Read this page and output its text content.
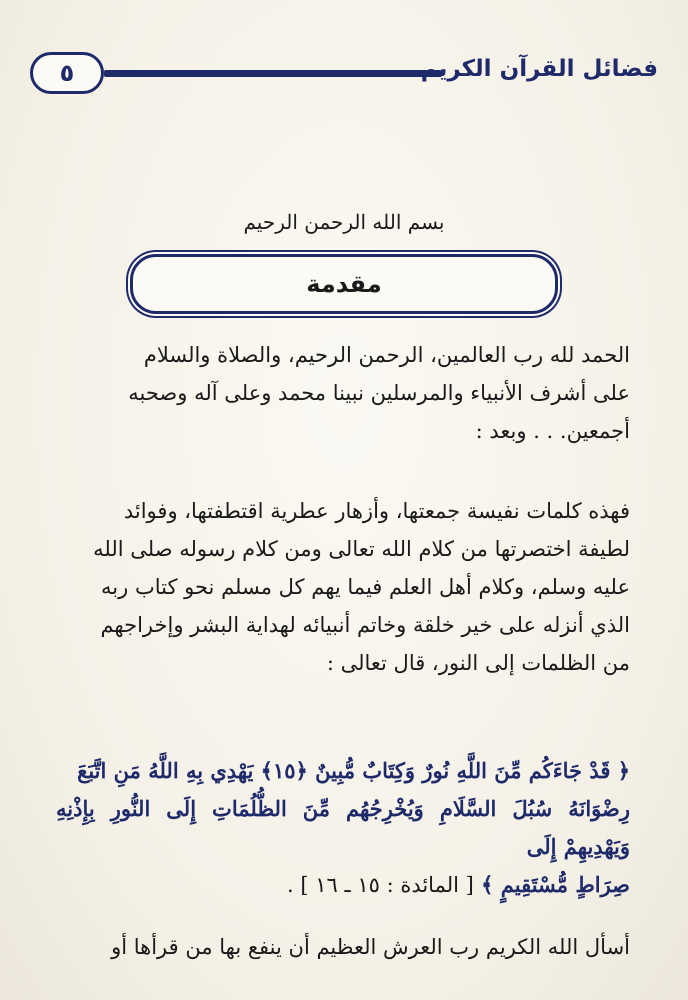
٥	فضائل القرآن الكريم
بسم الله الرحمن الرحيم
مقدمة
الحمد لله رب العالمين، الرحمن الرحيم، والصلاة والسلام
على أشرف الأنبياء والمرسلين نبينا محمد وعلى آله وصحبه
أجمعين. . . وبعد :
فهذه كلمات نفيسة جمعتها، وأزهار عطرية اقتطفتها، وفوائد
لطيفة اختصرتها من كلام الله تعالى ومن كلام رسوله صلى الله
عليه وسلم، وكلام أهل العلم فيما يهم كل مسلم نحو كتاب ربه
الذي أنزله على خير خلقة وخاتم أنبيائه لهداية البشر وإخراجهم
من الظلمات إلى النور، قال تعالى :
﴿ قَدْ جَاءَكُم مِّنَ اللَّهِ نُورٌ وَكِتَابٌ مُّبِينٌ ﴿١٥﴾ يَهْدِي بِهِ اللَّهُ مَنِ اتَّبَعَ
رِضْوَانَهُ سُبُلَ السَّلَامِ وَيُخْرِجُهُم مِّنَ الظُّلُمَاتِ إِلَى النُّورِ بِإِذْنِهِ وَيَهْدِيهِمْ إِلَى
صِرَاطٍ مُّسْتَقِيمٍ ﴾ [ المائدة : ١٥ ـ ١٦ ] .
أسأل الله الكريم رب العرش العظيم أن ينفع بها من قرأها أو
